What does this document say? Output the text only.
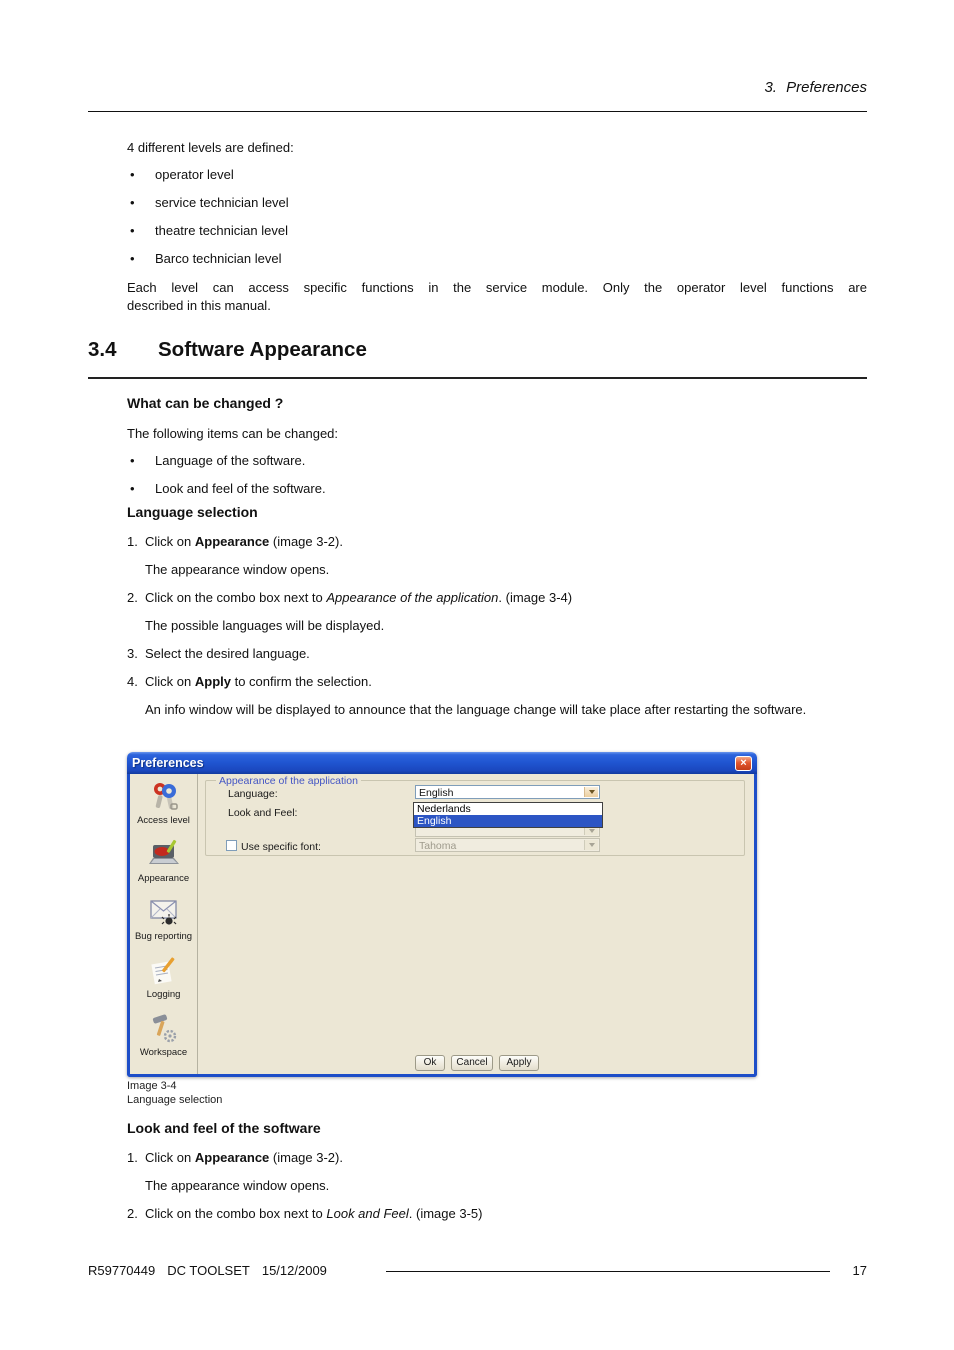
3. Preferences
4 different levels are defined:
• operator level
• service technician level
• theatre technician level
• Barco technician level
Each level can access specific functions in the service module. Only the operator level functions are
described in this manual.
3.4	Software Appearance
What can be changed ?
The following items can be changed:
• Language of the software.
• Look and feel of the software.
Language selection
1. Click on Appearance (image 3-2).
The appearance window opens.
2. Click on the combo box next to Appearance of the application. (image 3-4)
The possible languages will be displayed.
3. Select the desired language.
4. Click on Apply to confirm the selection.
An info window will be displayed to announce that the language change will take place after restarting the software.
Preferences	×
Access level
Appearance
Bug reporting
Logging
Workspace
Appearance of the application
Language:	English
Look and Feel:	Nederlands
English
Use specific font:	Tahoma
Ok	Cancel	Apply
Image 3-4
Language selection
Look and feel of the software
1. Click on Appearance (image 3-2).
The appearance window opens.
2. Click on the combo box next to Look and Feel. (image 3-5)
R59770449 DC TOOLSET 15/12/2009	17
